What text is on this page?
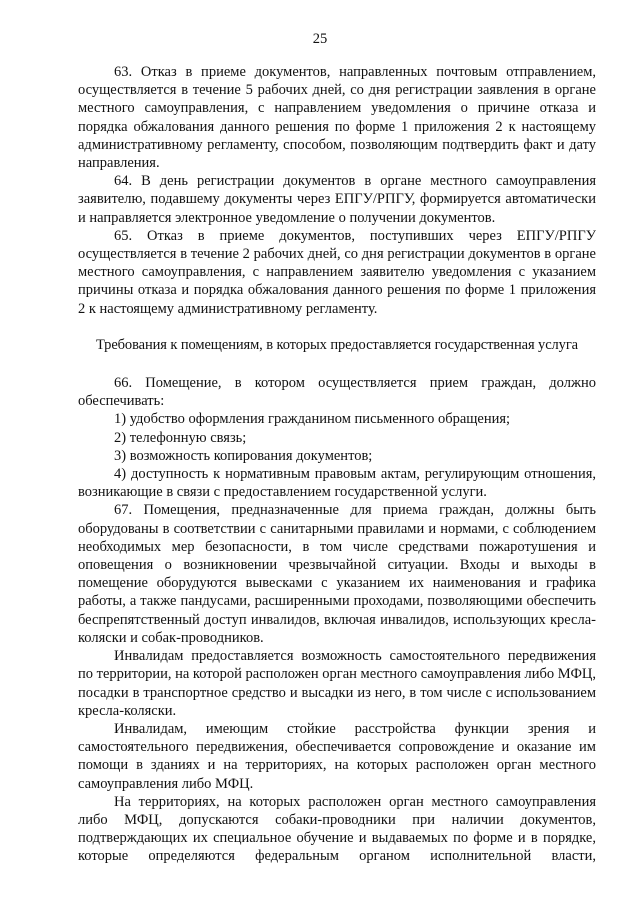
25

63. Отказ в приеме документов, направленных почтовым отправлением, осуществляется в течение 5 рабочих дней, со дня регистрации заявления в органе местного самоуправления, с направлением уведомления о причине отказа и порядка обжалования данного решения по форме 1 приложения 2 к настоящему административному регламенту, способом, позволяющим подтвердить факт и дату направления.

64. В день регистрации документов в органе местного самоуправления заявителю, подавшему документы через ЕПГУ/РПГУ, формируется автоматически и направляется электронное уведомление о получении документов.

65. Отказ в приеме документов, поступивших через ЕПГУ/РПГУ осуществляется в течение 2 рабочих дней, со дня регистрации документов в органе местного самоуправления, с направлением заявителю уведомления с указанием причины отказа и порядка обжалования данного решения по форме 1 приложения 2 к настоящему административному регламенту.

Требования к помещениям, в которых предоставляется государственная услуга

66. Помещение, в котором осуществляется прием граждан, должно обеспечивать:

1) удобство оформления гражданином письменного обращения;

2) телефонную связь;

3) возможность копирования документов;

4) доступность к нормативным правовым актам, регулирующим отношения, возникающие в связи с предоставлением государственной услуги.

67. Помещения, предназначенные для приема граждан, должны быть оборудованы в соответствии с санитарными правилами и нормами, с соблюдением необходимых мер безопасности, в том числе средствами пожаротушения и оповещения о возникновении чрезвычайной ситуации. Входы и выходы в помещение оборудуются вывесками с указанием их наименования и графика работы, а также пандусами, расширенными проходами, позволяющими обеспечить беспрепятственный доступ инвалидов, включая инвалидов, использующих кресла-коляски и собак-проводников.

Инвалидам предоставляется возможность самостоятельного передвижения по территории, на которой расположен орган местного самоуправления либо МФЦ, посадки в транспортное средство и высадки из него, в том числе с использованием кресла-коляски.

Инвалидам, имеющим стойкие расстройства функции зрения и самостоятельного передвижения, обеспечивается сопровождение и оказание им помощи в зданиях и на территориях, на которых расположен орган местного самоуправления либо МФЦ.

На территориях, на которых расположен орган местного самоуправления либо МФЦ, допускаются собаки-проводники при наличии документов, подтверждающих их специальное обучение и выдаваемых по форме и в порядке, которые определяются федеральным органом исполнительной власти,
